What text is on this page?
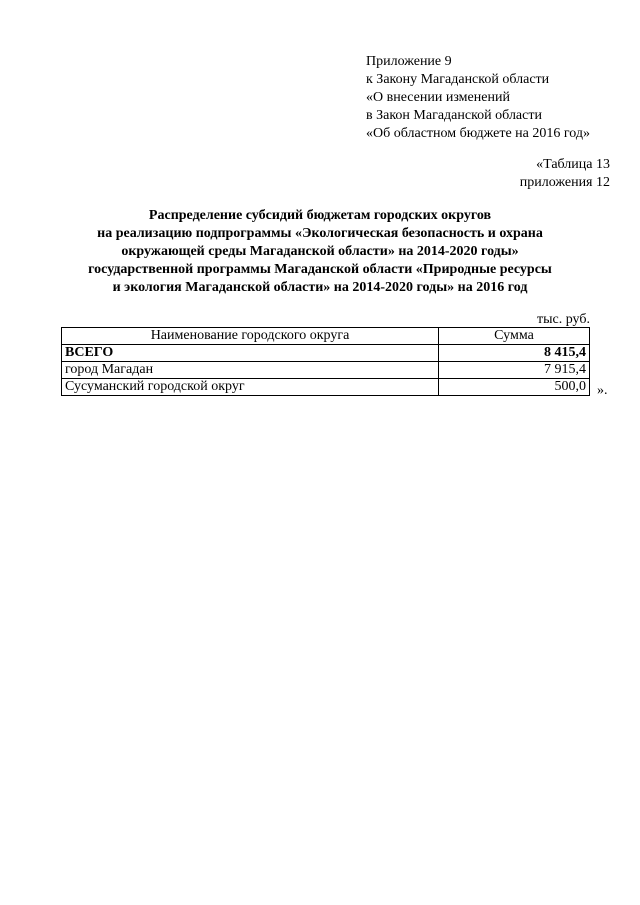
Приложение 9
к Закону Магаданской области
«О внесении изменений
в Закон Магаданской области
«Об областном бюджете на 2016 год»
«Таблица 13
приложения 12
Распределение субсидий бюджетам городских округов
на реализацию подпрограммы «Экологическая безопасность и охрана
окружающей среды Магаданской области» на 2014-2020 годы»
государственной программы Магаданской области «Природные ресурсы
и экология Магаданской области» на 2014-2020 годы» на 2016 год
тыс. руб.
Наименование городского округа	Сумма
ВСЕГО	8 415,4
город Магадан	7 915,4
Сусуманский городской округ	500,0 ».
